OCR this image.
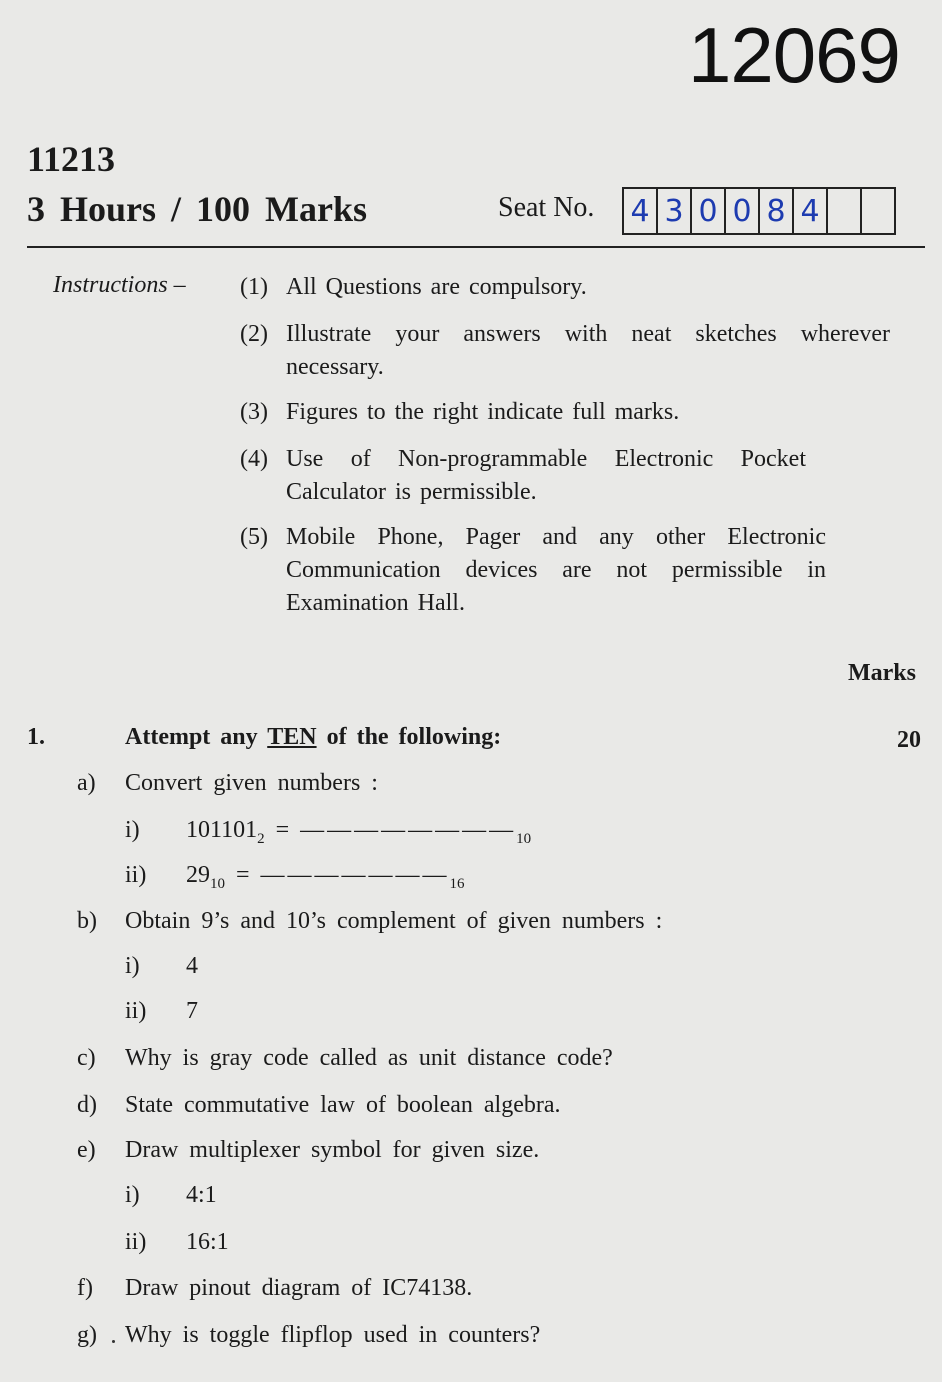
12069
11213
3 Hours / 100 Marks	Seat No. 4 3 0 0 8 4
Instructions – (1) All Questions are compulsory.
(2) Illustrate your answers with neat sketches wherever necessary.
(3) Figures to the right indicate full marks.
(4) Use of Non-programmable Electronic Pocket Calculator is permissible.
(5) Mobile Phone, Pager and any other Electronic Communication devices are not permissible in Examination Hall.
Marks
1.	Attempt any TEN of the following:	20
a) Convert given numbers :
i) $101101_2$ = $————————_{10}$
ii) $29_{10}$ = $———————_{16}$
b) Obtain 9’s and 10’s complement of given numbers :
i) 4
ii) 7
c) Why is gray code called as unit distance code?
d) State commutative law of boolean algebra.
e) Draw multiplexer symbol for given size.
i) 4:1
ii) 16:1
f) Draw pinout diagram of IC74138.
g) Why is toggle flipflop used in counters?
